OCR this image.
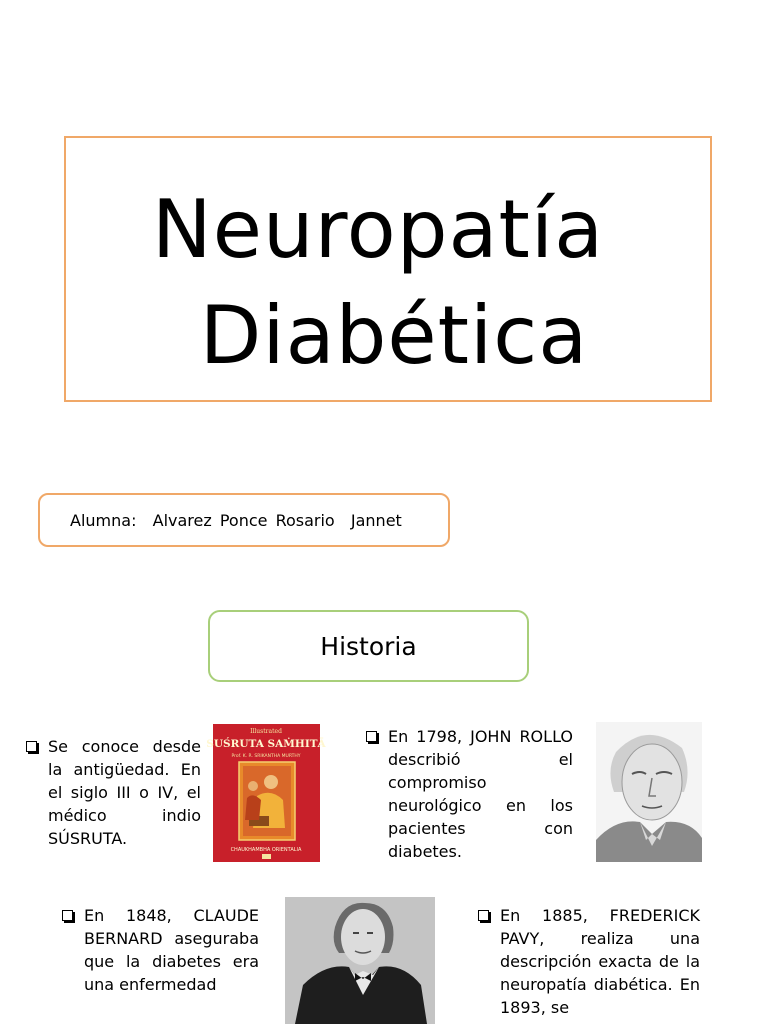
Neuropatía
Diabética
Alumna:  Alvarez Ponce Rosario  Jannet
Historia
Se conoce desde la antigüedad. En el siglo III o IV, el médico indio SÚSRUTA.
Illustrated
SUŚRUTA SAṀHITĀ
Prof. K. R. SRIKANTHA MURTHY
CHAUKHAMBHA ORIENTALIA
En 1798, JOHN ROLLO describió el compromiso neurológico en los pacientes con diabetes.
En 1848, CLAUDE BERNARD aseguraba que la diabetes era una enfermedad
En 1885, FREDERICK PAVY, realiza una descripción exacta de la neuropatía diabética. En 1893, se
